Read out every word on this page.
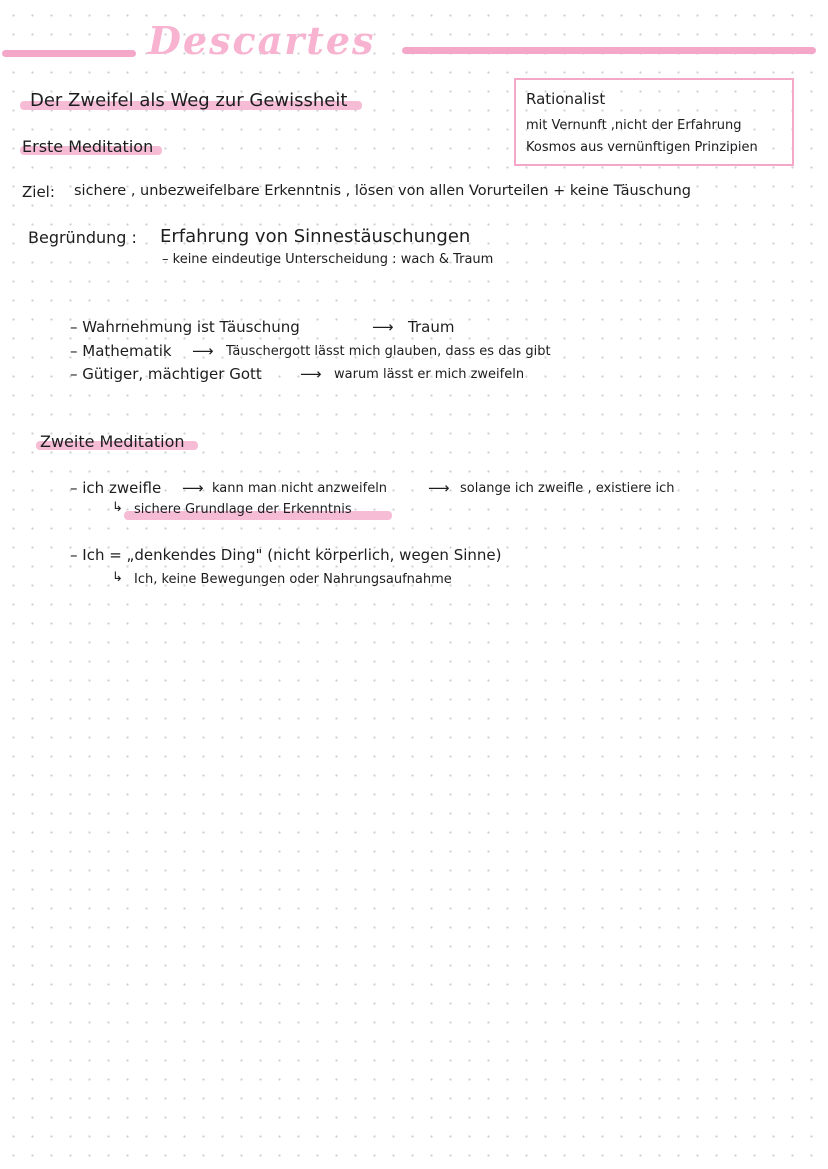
Descartes
Der Zweifel als Weg zur Gewissheit	Rationalist
mit Vernunft ,nicht der Erfahrung
Kosmos aus vernünftigen Prinzipien
Erste Meditation
Ziel: sichere , unbezweifelbare Erkenntnis , lösen von allen Vorurteilen + keine Täuschung
Begründung : Erfahrung von Sinnestäuschungen
– keine eindeutige Unterscheidung : wach & Traum
– Wahrnehmung ist Täuschung	⟶ Traum
– Mathematik ⟶ Täuschergott lässt mich glauben, dass es das gibt
– Gütiger, mächtiger Gott	⟶ warum lässt er mich zweifeln
Zweite Meditation
– ich zweifle ⟶ kann man nicht anzweifeln	⟶ solange ich zweifle , existiere ich
↳ sichere Grundlage der Erkenntnis
– Ich = „denkendes Ding" (nicht körperlich, wegen Sinne)
↳ Ich, keine Bewegungen oder Nahrungsaufnahme
